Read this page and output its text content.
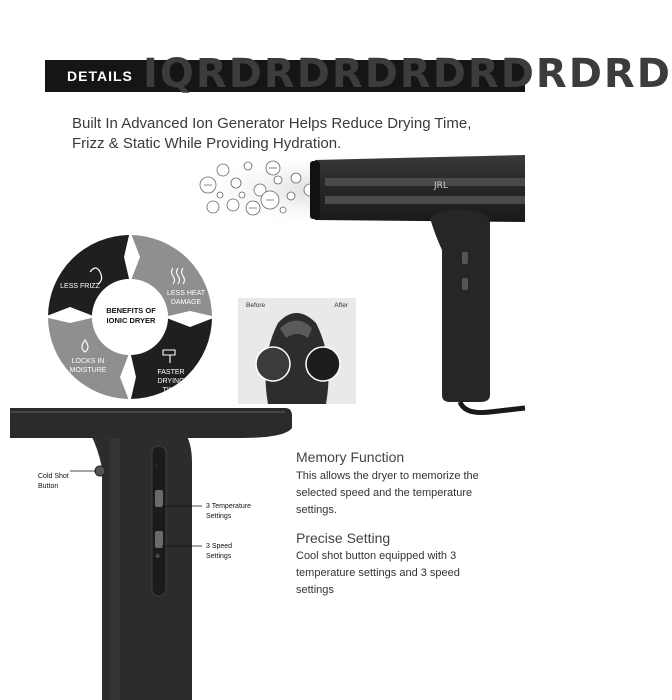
IQRDRDRDRDRDRDRD
DETAILS
Built In Advanced Ion Generator Helps Reduce Drying Time, Frizz & Static While Providing Hydration.
JRL
LESS FRIZZ
LESS HEAT DAMAGE
FASTER DRYING TIME
LOCKS IN MOISTURE
BENEFITS OF IONIC DRYER
Before	After
◦
✲
Cold Shot Button
3 Temperature Settings
3 Speed Settings
Memory Function
This allows the dryer to memorize the selected speed and the temperature settings.
Precise Setting
Cool shot button equipped with 3 temperature settings and 3 speed settings
